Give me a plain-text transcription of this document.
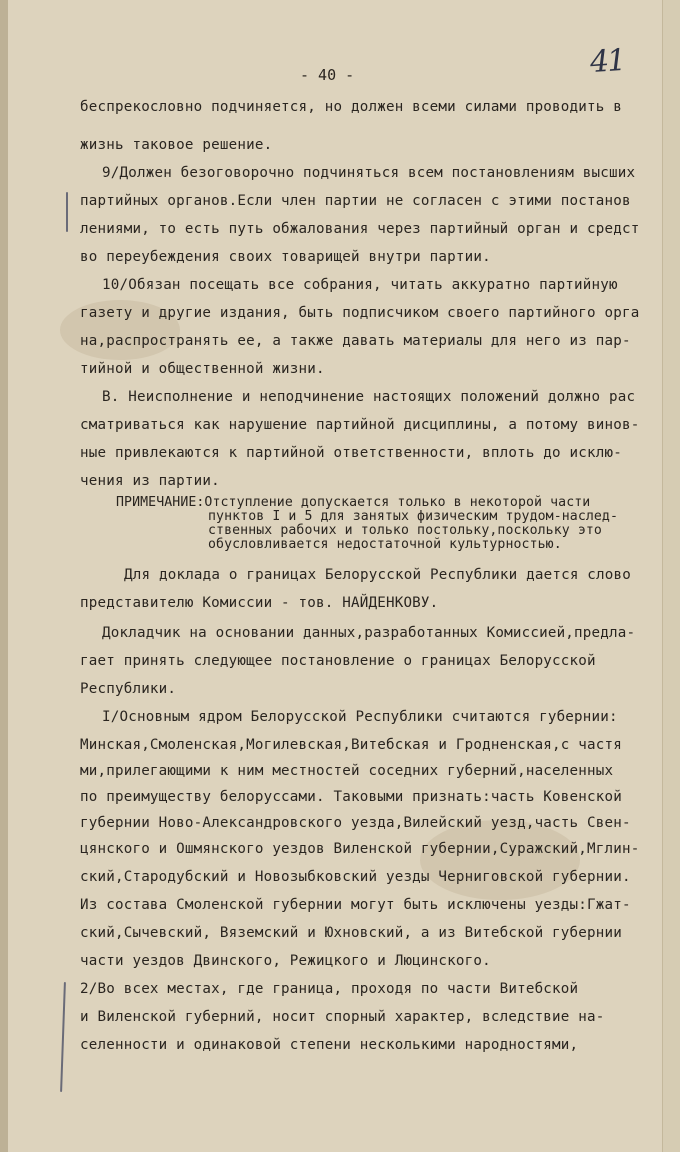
- 40 -	41
беспрекословно подчиняется, но должен всеми силами проводить в
жизнь таковое решение.
9/Должен безоговорочно подчиняться всем постановлениям высших
партийных органов.Если член партии не согласен с этими постанов
лениями, то есть путь обжалования через партийный орган и средст
во переубеждения своих товарищей внутри партии.
10/Обязан посещать все собрания, читать аккуратно партийную
газету и другие издания, быть подписчиком своего партийного орга
на,распространять ее, а также давать материалы для него из пар-
тийной и общественной жизни.
В. Неисполнение и неподчинение настоящих положений должно рас
сматриваться как нарушение партийной дисциплины, а потому винов-
ные привлекаются к партийной ответственности, вплоть до исклю-
чения из партии.
ПРИМЕЧАНИЕ:Отступление допускается только в некоторой части
пунктов I и 5 для занятых физическим трудом-наслед-
ственных рабочих и только постольку,поскольку это
обусловливается недостаточной культурностью.
Для доклада о границах Белорусской Республики дается слово
представителю Комиссии - тов. НАЙДЕНКОВУ.
Докладчик на основании данных,разработанных Комиссией,предла-
гает принять следующее постановление о границах Белорусской
Республики.
I/Основным ядром Белорусской Республики считаются губернии:
Минская,Смоленская,Могилевская,Витебская и Гродненская,с частя
ми,прилегающими к ним местностей соседних губерний,населенных
по преимуществу белоруссами. Таковыми признать:часть Ковенской
губернии Ново-Александровского уезда,Вилейский уезд,часть Свен-
цянского и Ошмянского уездов Виленской губернии,Суражский,Мглин-
ский,Стародубский и Новозыбковский уезды Черниговской губернии.
Из состава Смоленской губернии могут быть исключены уезды:Гжат-
ский,Сычевский, Вяземский и Юхновский, а из Витебской губернии
части уездов Двинского, Режицкого и Люцинского.
2/Во всех местах, где граница, проходя по части Витебской
и Виленской губерний, носит спорный характер, вследствие на-
селенности и одинаковой степени несколькими народностями,
